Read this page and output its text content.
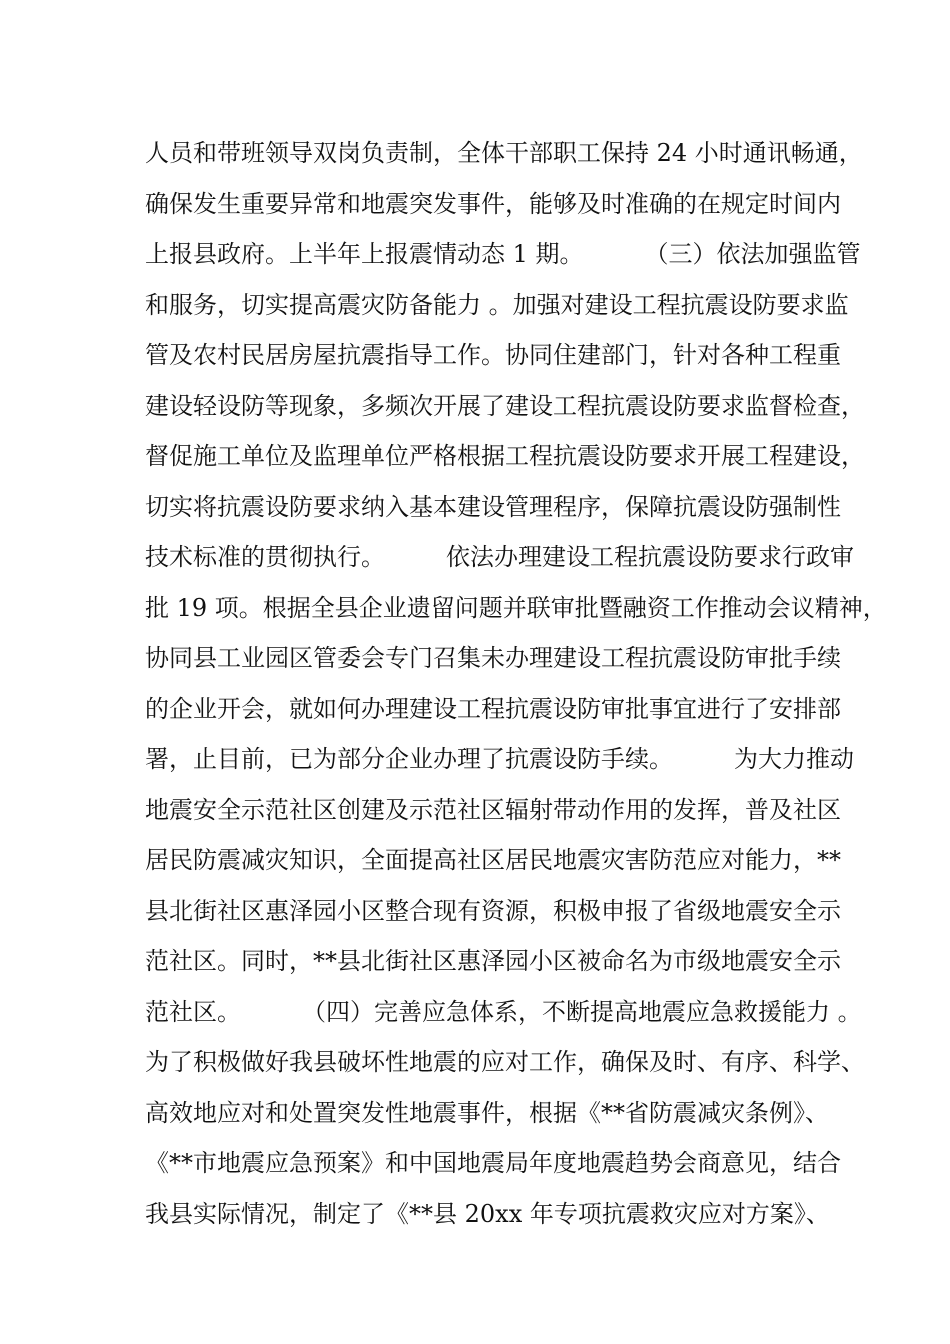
人员和带班领导双岗负责制，全体干部职工保持 24 小时通讯畅通，
确保发生重要异常和地震突发事件，能够及时准确的在规定时间内
上报县政府。上半年上报震情动态 1 期。        （三）依法加强监管
和服务，切实提高震灾防备能力 。加强对建设工程抗震设防要求监
管及农村民居房屋抗震指导工作。协同住建部门，针对各种工程重
建设轻设防等现象，多频次开展了建设工程抗震设防要求监督检查，
督促施工单位及监理单位严格根据工程抗震设防要求开展工程建设，
切实将抗震设防要求纳入基本建设管理程序，保障抗震设防强制性
技术标准的贯彻执行。        依法办理建设工程抗震设防要求行政审
批 19 项。根据全县企业遗留问题并联审批暨融资工作推动会议精神，
协同县工业园区管委会专门召集未办理建设工程抗震设防审批手续
的企业开会，就如何办理建设工程抗震设防审批事宜进行了安排部
署，止目前，已为部分企业办理了抗震设防手续。        为大力推动
地震安全示范社区创建及示范社区辐射带动作用的发挥，普及社区
居民防震减灾知识，全面提高社区居民地震灾害防范应对能力，**
县北街社区惠泽园小区整合现有资源，积极申报了省级地震安全示
范社区。同时，**县北街社区惠泽园小区被命名为市级地震安全示
范社区。        （四）完善应急体系，不断提高地震应急救援能力 。
为了积极做好我县破坏性地震的应对工作，确保及时、有序、科学、
高效地应对和处置突发性地震事件，根据《**省防震减灾条例》、
《**市地震应急预案》和中国地震局年度地震趋势会商意见，结合
我县实际情况，制定了《**县 20xx 年专项抗震救灾应对方案》、
